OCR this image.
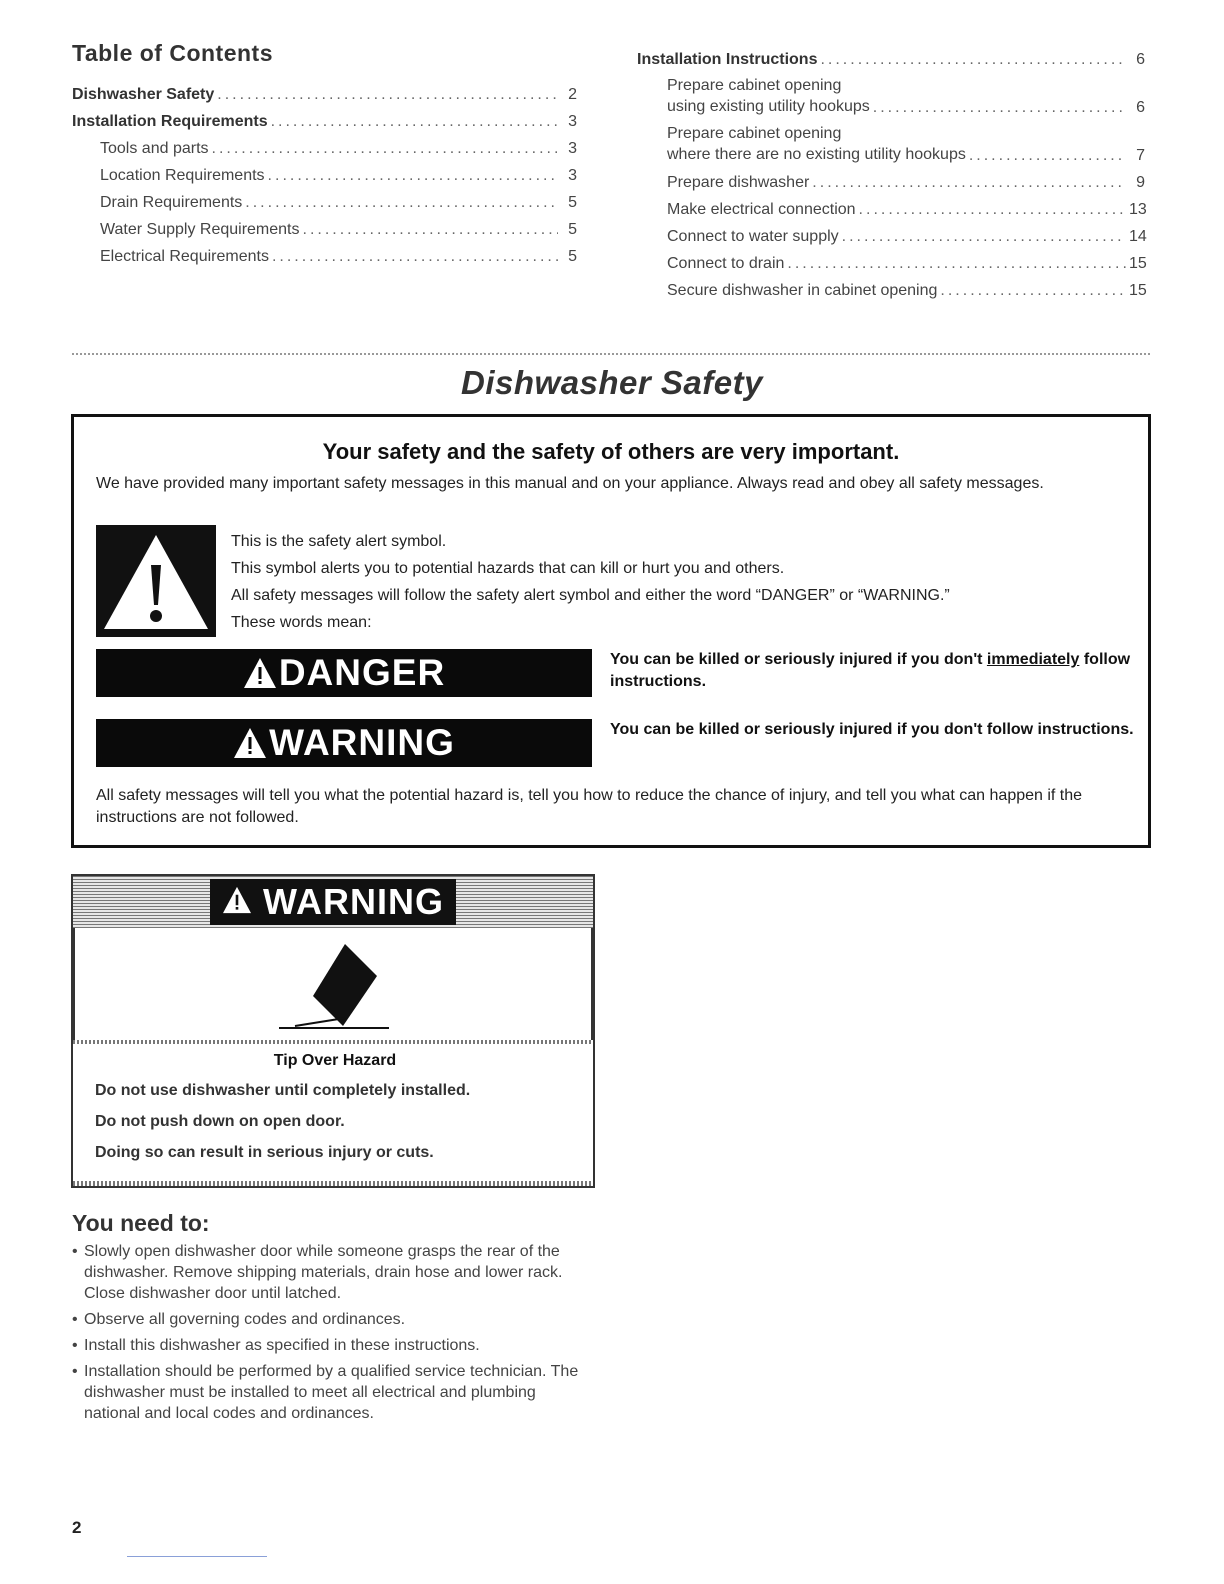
Table of Contents
Dishwasher Safety .....	2
Installation Requirements .....	3
Tools and parts .....	3
Location Requirements .....	3
Drain Requirements .....	5
Water Supply Requirements .....	5
Electrical Requirements .....	5
Installation Instructions .....	6
Prepare cabinet opening
using existing utility hookups .....	6
Prepare cabinet opening
where there are no existing utility hookups .....	7
Prepare dishwasher .....	9
Make electrical connection .....	13
Connect to water supply .....	14
Connect to drain .....	15
Secure dishwasher in cabinet opening .....	15
Dishwasher Safety
Your safety and the safety of others are very important.
We have provided many important safety messages in this manual and on your appliance. Always read and obey all safety messages.
This is the safety alert symbol.
This symbol alerts you to potential hazards that can kill or hurt you and others.
All safety messages will follow the safety alert symbol and either the word “DANGER” or “WARNING.”
These words mean:
DANGER	You can be killed or seriously injured if you don't immediately follow instructions.
WARNING	You can be killed or seriously injured if you don't follow instructions.
All safety messages will tell you what the potential hazard is, tell you how to reduce the chance of injury, and tell you what can happen if the instructions are not followed.
WARNING
Tip Over Hazard
Do not use dishwasher until completely installed.
Do not push down on open door.
Doing so can result in serious injury or cuts.
You need to:
• Slowly open dishwasher door while someone grasps the rear of the dishwasher. Remove shipping materials, drain hose and lower rack. Close dishwasher door until latched.
• Observe all governing codes and ordinances.
• Install this dishwasher as specified in these instructions.
• Installation should be performed by a qualified service technician. The dishwasher must be installed to meet all electrical and plumbing national and local codes and ordinances.
2
